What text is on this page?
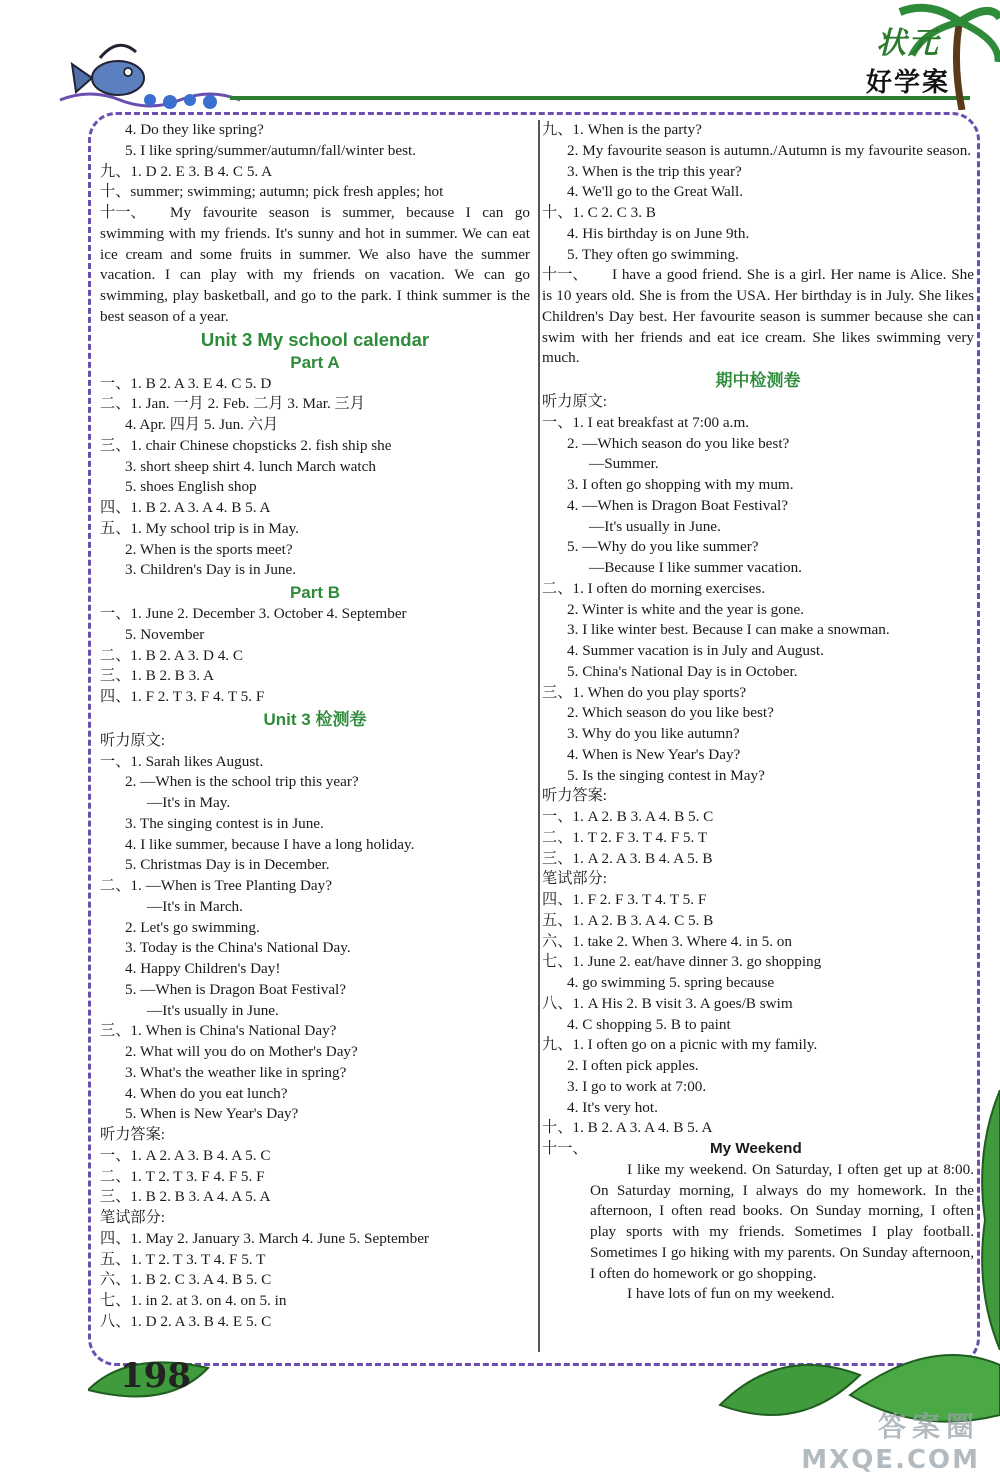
状元
好学案
4. Do they like spring?
5. I like spring/summer/autumn/fall/winter best.
九、1. D 2. E 3. B 4. C 5. A
十、summer; swimming; autumn; pick fresh apples; hot
十一、 My favourite season is summer, because I can go swimming with my friends. It's sunny and hot in summer. We can eat ice cream and some fruits in summer. We also have the summer vacation. I can play with my friends on vacation. We can go swimming, play basketball, and go to the park. I think summer is the best season of a year.
Unit 3 My school calendar
Part A
一、1. B 2. A 3. E 4. C 5. D
二、1. Jan. 一月 2. Feb. 二月 3. Mar. 三月
4. Apr. 四月 5. Jun. 六月
三、1. chair Chinese chopsticks 2. fish ship she
3. short sheep shirt 4. lunch March watch
5. shoes English shop
四、1. B 2. A 3. A 4. B 5. A
五、1. My school trip is in May.
2. When is the sports meet?
3. Children's Day is in June.
Part B
一、1. June 2. December 3. October 4. September
5. November
二、1. B 2. A 3. D 4. C
三、1. B 2. B 3. A
四、1. F 2. T 3. F 4. T 5. F
Unit 3 检测卷
听力原文:
一、1. Sarah likes August.
2. —When is the school trip this year?
—It's in May.
3. The singing contest is in June.
4. I like summer, because I have a long holiday.
5. Christmas Day is in December.
二、1. —When is Tree Planting Day?
—It's in March.
2. Let's go swimming.
3. Today is the China's National Day.
4. Happy Children's Day!
5. —When is Dragon Boat Festival?
—It's usually in June.
三、1. When is China's National Day?
2. What will you do on Mother's Day?
3. What's the weather like in spring?
4. When do you eat lunch?
5. When is New Year's Day?
听力答案:
一、1. A 2. A 3. B 4. A 5. C
二、1. T 2. T 3. F 4. F 5. F
三、1. B 2. B 3. A 4. A 5. A
笔试部分:
四、1. May 2. January 3. March 4. June 5. September
五、1. T 2. T 3. T 4. F 5. T
六、1. B 2. C 3. A 4. B 5. C
七、1. in 2. at 3. on 4. on 5. in
八、1. D 2. A 3. B 4. E 5. C
九、1. When is the party?
2. My favourite season is autumn./Autumn is my favourite season.
3. When is the trip this year?
4. We'll go to the Great Wall.
十、1. C 2. C 3. B
4. His birthday is on June 9th.
5. They often go swimming.
十一、 I have a good friend. She is a girl. Her name is Alice. She is 10 years old. She is from the USA. Her birthday is in July. She likes Children's Day best. Her favourite season is summer because she can swim with her friends and eat ice cream. She likes swimming very much.
期中检测卷
听力原文:
一、1. I eat breakfast at 7:00 a.m.
2. —Which season do you like best?
—Summer.
3. I often go shopping with my mum.
4. —When is Dragon Boat Festival?
—It's usually in June.
5. —Why do you like summer?
—Because I like summer vacation.
二、1. I often do morning exercises.
2. Winter is white and the year is gone.
3. I like winter best. Because I can make a snowman.
4. Summer vacation is in July and August.
5. China's National Day is in October.
三、1. When do you play sports?
2. Which season do you like best?
3. Why do you like autumn?
4. When is New Year's Day?
5. Is the singing contest in May?
听力答案:
一、1. A 2. B 3. A 4. B 5. C
二、1. T 2. F 3. T 4. F 5. T
三、1. A 2. A 3. B 4. A 5. B
笔试部分:
四、1. F 2. F 3. T 4. T 5. F
五、1. A 2. B 3. A 4. C 5. B
六、1. take 2. When 3. Where 4. in 5. on
七、1. June 2. eat/have dinner 3. go shopping
4. go swimming 5. spring because
八、1. A His 2. B visit 3. A goes/B swim
4. C shopping 5. B to paint
九、1. I often go on a picnic with my family.
2. I often pick apples.
3. I go to work at 7:00.
4. It's very hot.
十、1. B 2. A 3. A 4. B 5. A
十一、	My Weekend
I like my weekend. On Saturday, I often get up at 8:00. On Saturday morning, I always do my homework. In the afternoon, I often read books. On Sunday morning, I often play sports with my friends. Sometimes I play football. Sometimes I go hiking with my parents. On Sunday afternoon, I often do homework or go shopping.
I have lots of fun on my weekend.
198
答案圈
MXQE.COM
